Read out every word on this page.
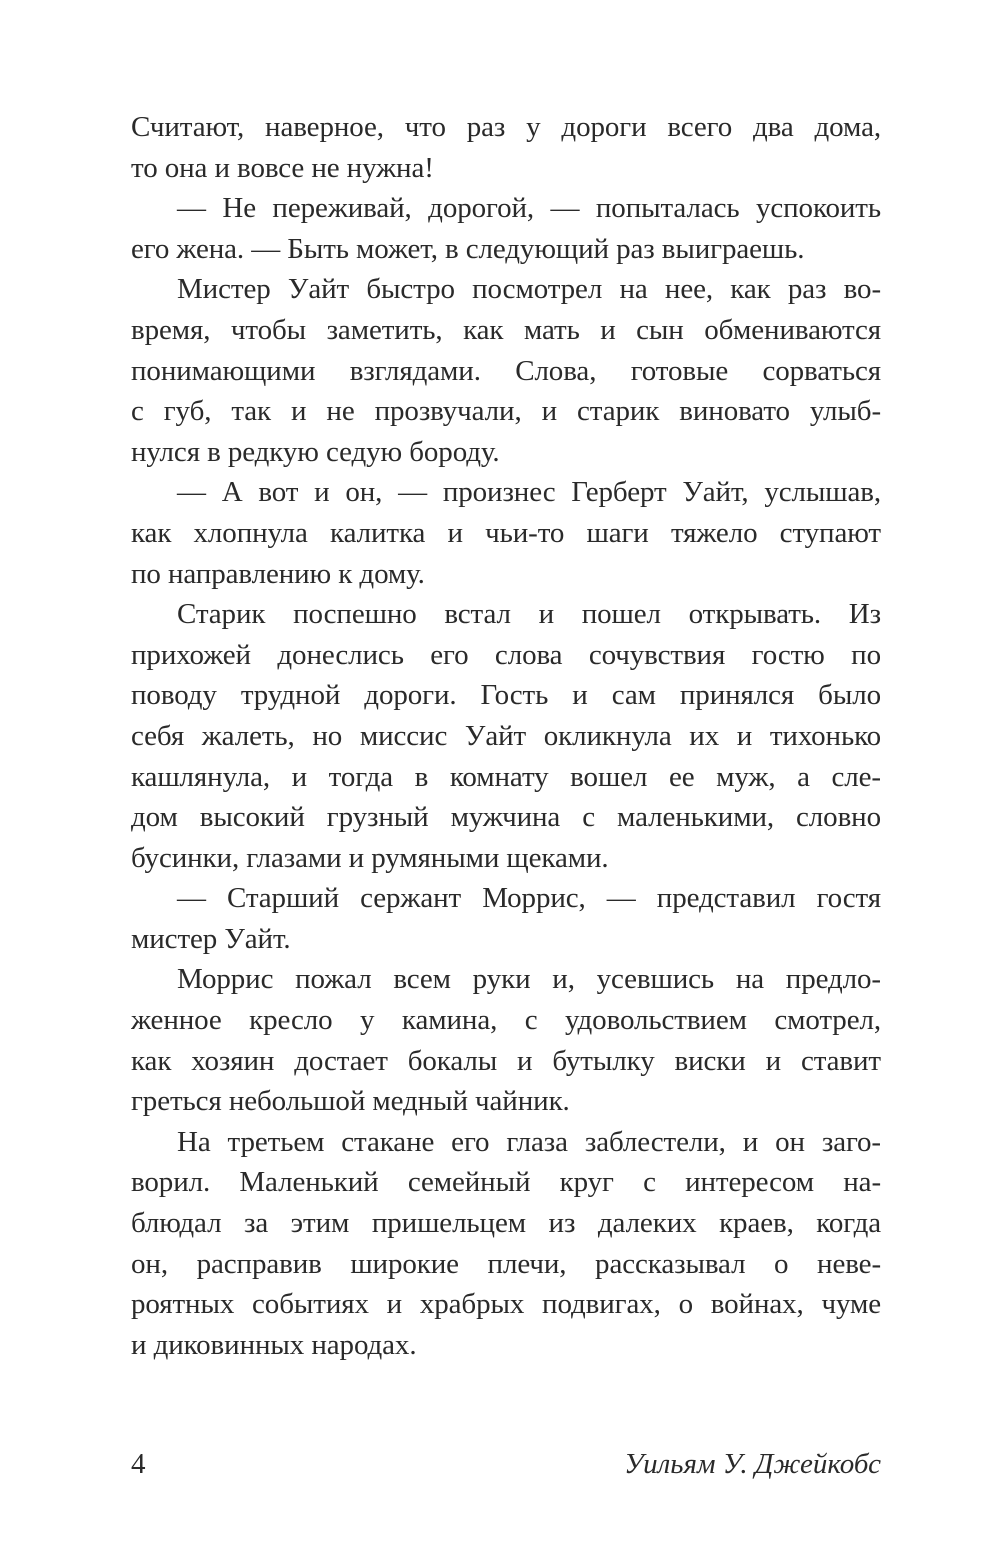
Считают, наверное, что раз у дороги всего два дома,
то она и вовсе не нужна!
— Не переживай, дорогой, — попыталась успокоить
его жена. — Быть может, в следующий раз выиграешь.
Мистер Уайт быстро посмотрел на нее, как раз во-
время, чтобы заметить, как мать и сын обмениваются
понимающими взглядами. Слова, готовые сорваться
с губ, так и не прозвучали, и старик виновато улыб-
нулся в редкую седую бороду.
— А вот и он, — произнес Герберт Уайт, услышав,
как хлопнула калитка и чьи-то шаги тяжело ступают
по направлению к дому.
Старик поспешно встал и пошел открывать. Из
прихожей донеслись его слова сочувствия гостю по
поводу трудной дороги. Гость и сам принялся было
себя жалеть, но миссис Уайт окликнула их и тихонько
кашлянула, и тогда в комнату вошел ее муж, а сле-
дом высокий грузный мужчина с маленькими, словно
бусинки, глазами и румяными щеками.
— Старший сержант Моррис, — представил гостя
мистер Уайт.
Моррис пожал всем руки и, усевшись на предло-
женное кресло у камина, с удовольствием смотрел,
как хозяин достает бокалы и бутылку виски и ставит
греться небольшой медный чайник.
На третьем стакане его глаза заблестели, и он заго-
ворил. Маленький семейный круг с интересом на-
блюдал за этим пришельцем из далеких краев, когда
он, расправив широкие плечи, рассказывал о неве-
роятных событиях и храбрых подвигах, о войнах, чуме
и диковинных народах.
4	Уильям У. Джейкобс
